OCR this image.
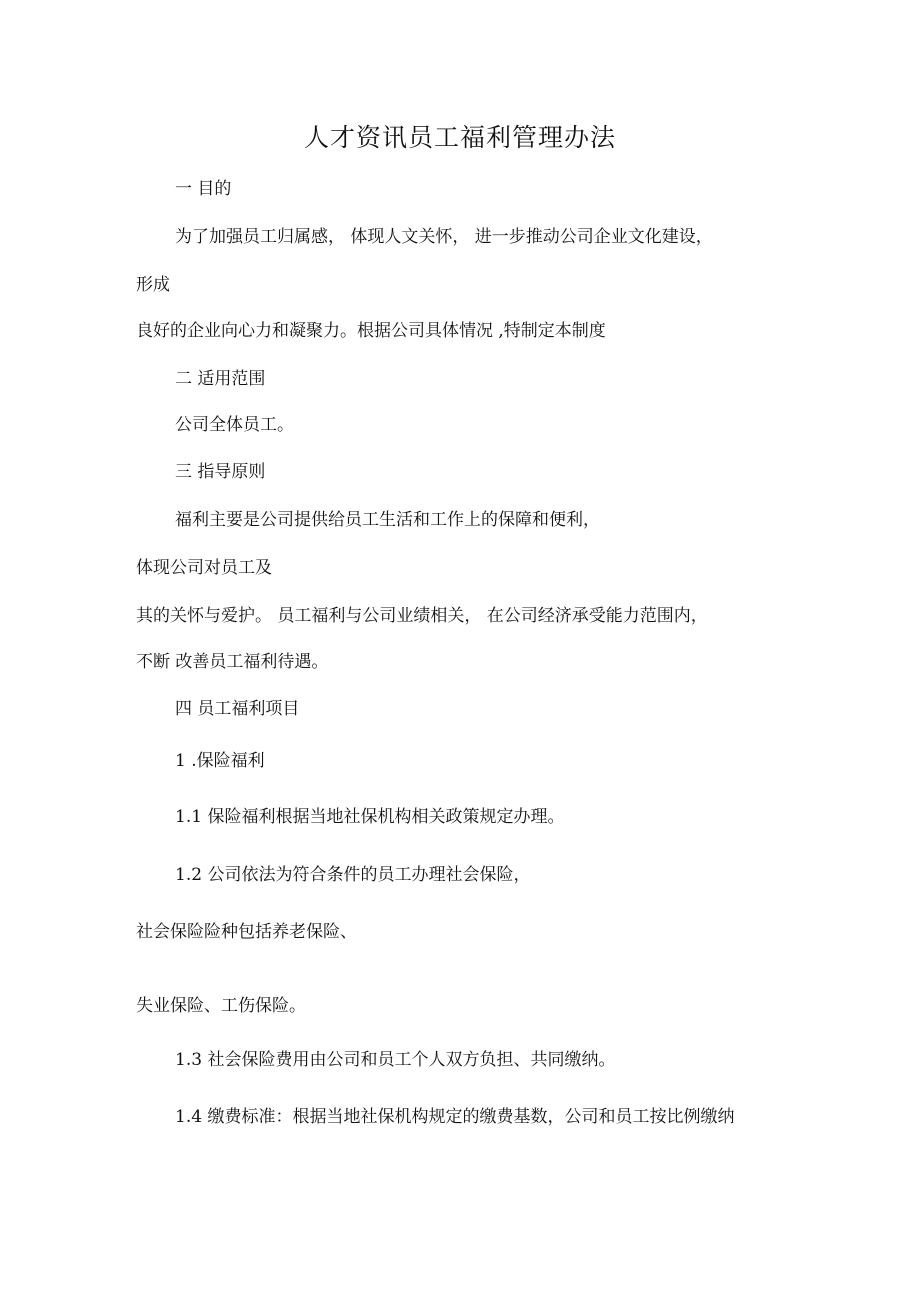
人才资讯员工福利管理办法
一 目的
为了加强员工归属感， 体现人文关怀， 进一步推动公司企业文化建设，
形成
良好的企业向心力和凝聚力。根据公司具体情况 ,特制定本制度
二 适用范围
公司全体员工。
三 指导原则
福利主要是公司提供给员工生活和工作上的保障和便利，
体现公司对员工及
其的关怀与爱护。 员工福利与公司业绩相关， 在公司经济承受能力范围内，
不断 改善员工福利待遇。
四 员工福利项目
1 .保险福利
1.1 保险福利根据当地社保机构相关政策规定办理。
1.2 公司依法为符合条件的员工办理社会保险，
社会保险险种包括养老保险、
失业保险、工伤保险。
1.3 社会保险费用由公司和员工个人双方负担、共同缴纳。
1.4 缴费标准：根据当地社保机构规定的缴费基数，公司和员工按比例缴纳
